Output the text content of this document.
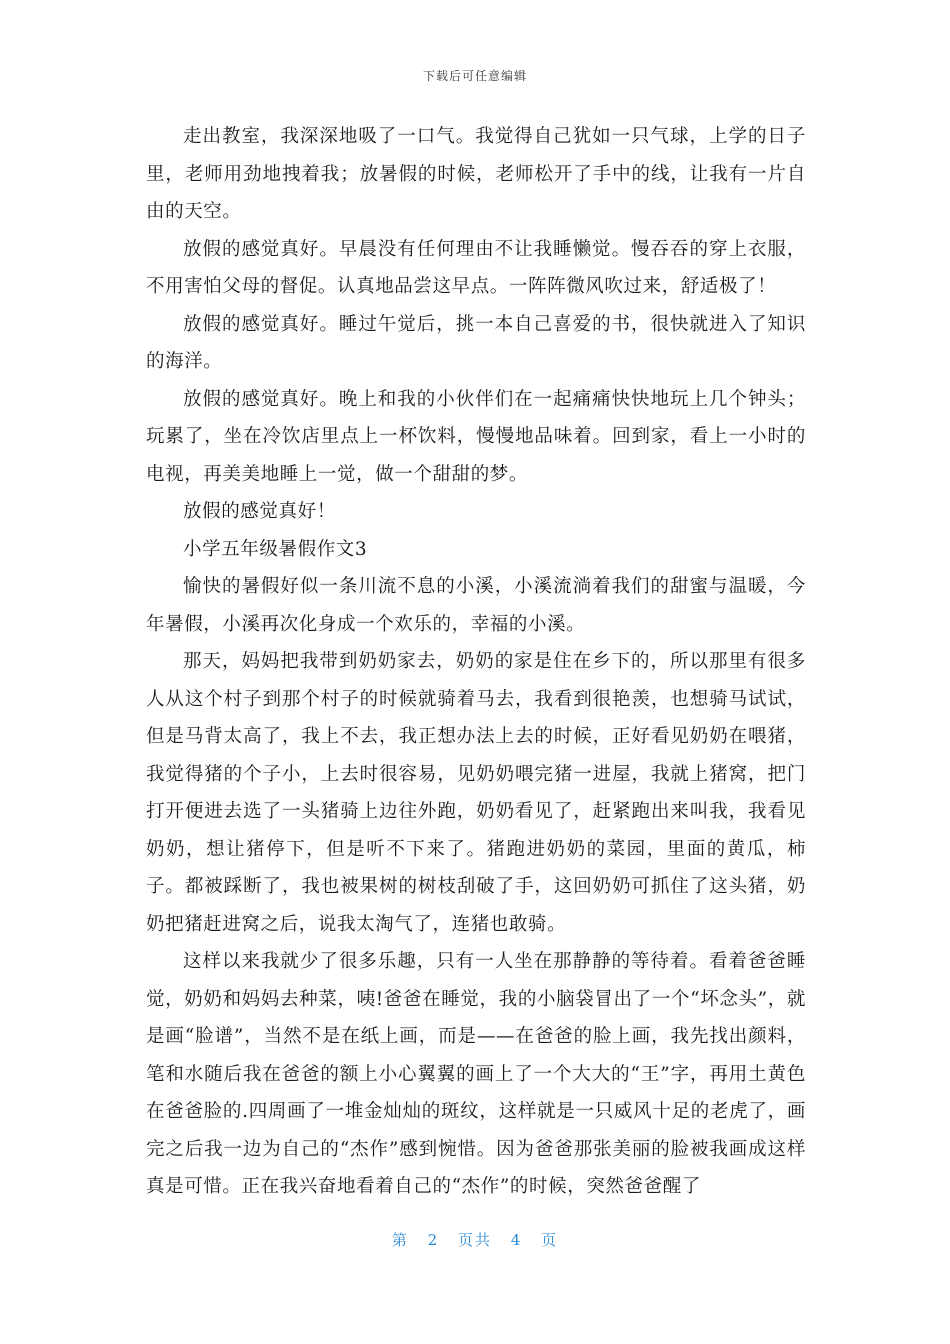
下载后可任意编辑

走出教室，我深深地吸了一口气。我觉得自己犹如一只气球，上学的日子里，老师用劲地拽着我；放暑假的时候，老师松开了手中的线，让我有一片自由的天空。

放假的感觉真好。早晨没有任何理由不让我睡懒觉。慢吞吞的穿上衣服，不用害怕父母的督促。认真地品尝这早点。一阵阵微风吹过来，舒适极了！

放假的感觉真好。睡过午觉后，挑一本自己喜爱的书，很快就进入了知识的海洋。

放假的感觉真好。晚上和我的小伙伴们在一起痛痛快快地玩上几个钟头；玩累了，坐在冷饮店里点上一杯饮料，慢慢地品味着。回到家，看上一小时的电视，再美美地睡上一觉，做一个甜甜的梦。

放假的感觉真好！

小学五年级暑假作文3

愉快的暑假好似一条川流不息的小溪，小溪流淌着我们的甜蜜与温暖，今年暑假，小溪再次化身成一个欢乐的，幸福的小溪。

那天，妈妈把我带到奶奶家去，奶奶的家是住在乡下的，所以那里有很多人从这个村子到那个村子的时候就骑着马去，我看到很艳羡，也想骑马试试，但是马背太高了，我上不去，我正想办法上去的时候，正好看见奶奶在喂猪，我觉得猪的个子小，上去时很容易，见奶奶喂完猪一进屋，我就上猪窝，把门打开便进去选了一头猪骑上边往外跑，奶奶看见了，赶紧跑出来叫我，我看见奶奶，想让猪停下，但是听不下来了。猪跑进奶奶的菜园，里面的黄瓜，柿子。都被踩断了，我也被果树的树枝刮破了手，这回奶奶可抓住了这头猪，奶奶把猪赶进窝之后，说我太淘气了，连猪也敢骑。

这样以来我就少了很多乐趣，只有一人坐在那静静的等待着。看着爸爸睡觉，奶奶和妈妈去种菜，咦!爸爸在睡觉，我的小脑袋冒出了一个“坏念头”，就是画“脸谱”，当然不是在纸上画，而是——在爸爸的脸上画，我先找出颜料，笔和水随后我在爸爸的额上小心翼翼的画上了一个大大的“王”字，再用土黄色在爸爸脸的.四周画了一堆金灿灿的斑纹，这样就是一只威风十足的老虎了，画完之后我一边为自己的“杰作”感到惋惜。因为爸爸那张美丽的脸被我画成这样真是可惜。正在我兴奋地看着自己的“杰作”的时候，突然爸爸醒了

第 2 页共 4 页
